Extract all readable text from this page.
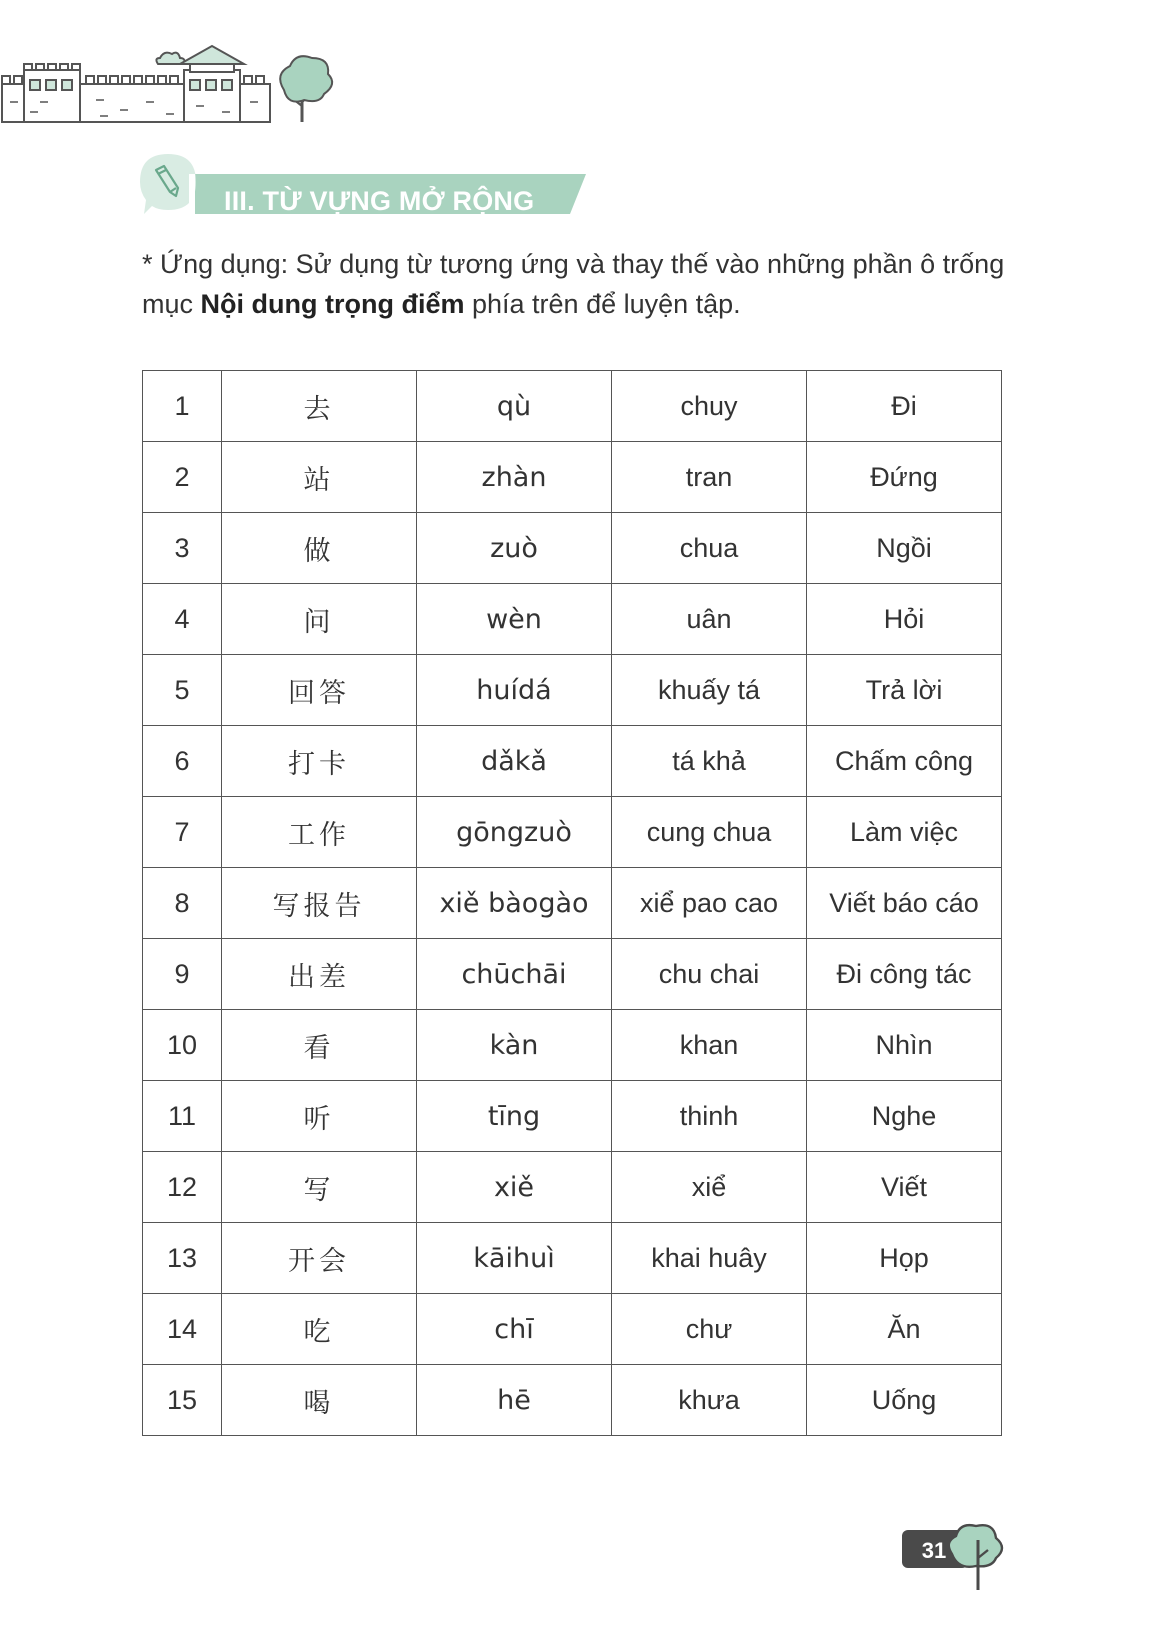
III. TỪ VỰNG MỞ RỘNG
* Ứng dụng: Sử dụng từ tương ứng và thay thế vào những phần ô trống mục Nội dung trọng điểm phía trên để luyện tập.
1	去	qù	chuy	Đi
2	站	zhàn	tran	Đứng
3	做	zuò	chua	Ngồi
4	问	wèn	uân	Hỏi
5	回答	huídá	khuấy tá	Trả lời
6	打卡	dǎkǎ	tá khả	Chấm công
7	工作	gōngzuò	cung chua	Làm việc
8	写报告	xiě bàogào	xiể pao cao	Viết báo cáo
9	出差	chūchāi	chu chai	Đi công tác
10	看	kàn	khan	Nhìn
11	听	tīng	thinh	Nghe
12	写	xiě	xiể	Viết
13	开会	kāihuì	khai huây	Họp
14	吃	chī	chư	Ăn
15	喝	hē	khưa	Uống
31
